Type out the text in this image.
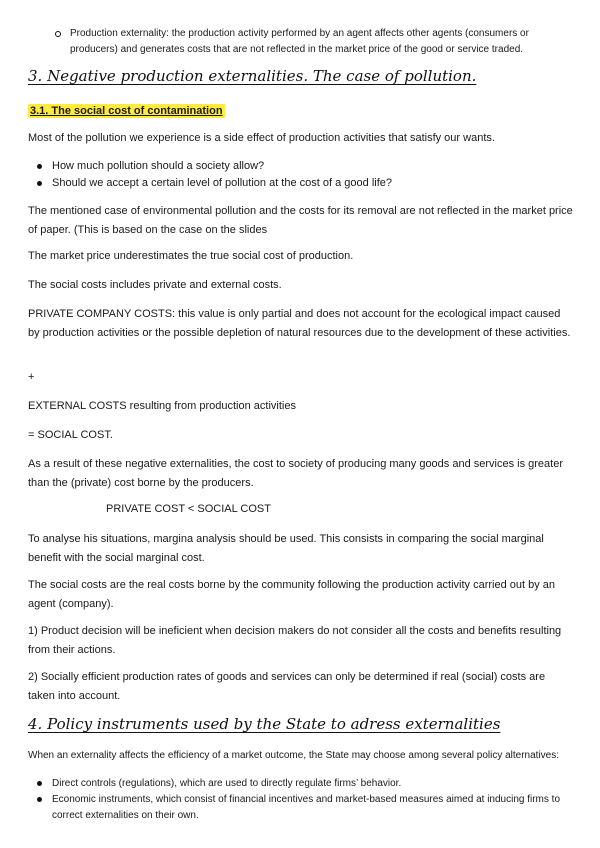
Production externality: the production activity performed by an agent affects other agents (consumers or producers) and generates costs that are not reflected in the market price of the good or service traded.
3. Negative production externalities. The case of pollution.
3.1. The social cost of contamination

Most of the pollution we experience is a side effect of production activities that satisfy our wants.

How much pollution should a society allow?
Should we accept a certain level of pollution at the cost of a good life?

The mentioned case of environmental pollution and the costs for its removal are not reflected in the market price of paper. (This is based on the case on the slides

The market price underestimates the true social cost of production.

The social costs includes private and external costs.

PRIVATE COMPANY COSTS: this value is only partial and does not account for the ecological impact caused by production activities or the possible depletion of natural resources due to the development of these activities.

+

EXTERNAL COSTS resulting from production activities

= SOCIAL COST.

As a result of these negative externalities, the cost to society of producing many goods and services is greater than the (private) cost borne by the producers.

PRIVATE COST < SOCIAL COST

To analyse his situations, margina analysis should be used. This consists in comparing the social marginal benefit with the social marginal cost.

The social costs are the real costs borne by the community following the production activity carried out by an agent (company).

1) Product decision will be ineficient when decision makers do not consider all the costs and benefits resulting from their actions.

2) Socially efficient production rates of goods and services can only be determined if real (social) costs are taken into account.

4. Policy instruments used by the State to adress externalities

When an externality affects the efficiency of a market outcome, the State may choose among several policy alternatives:

Direct controls (regulations), which are used to directly regulate firms’ behavior.
Economic instruments, which consist of financial incentives and market-based measures aimed at inducing firms to correct externalities on their own.
